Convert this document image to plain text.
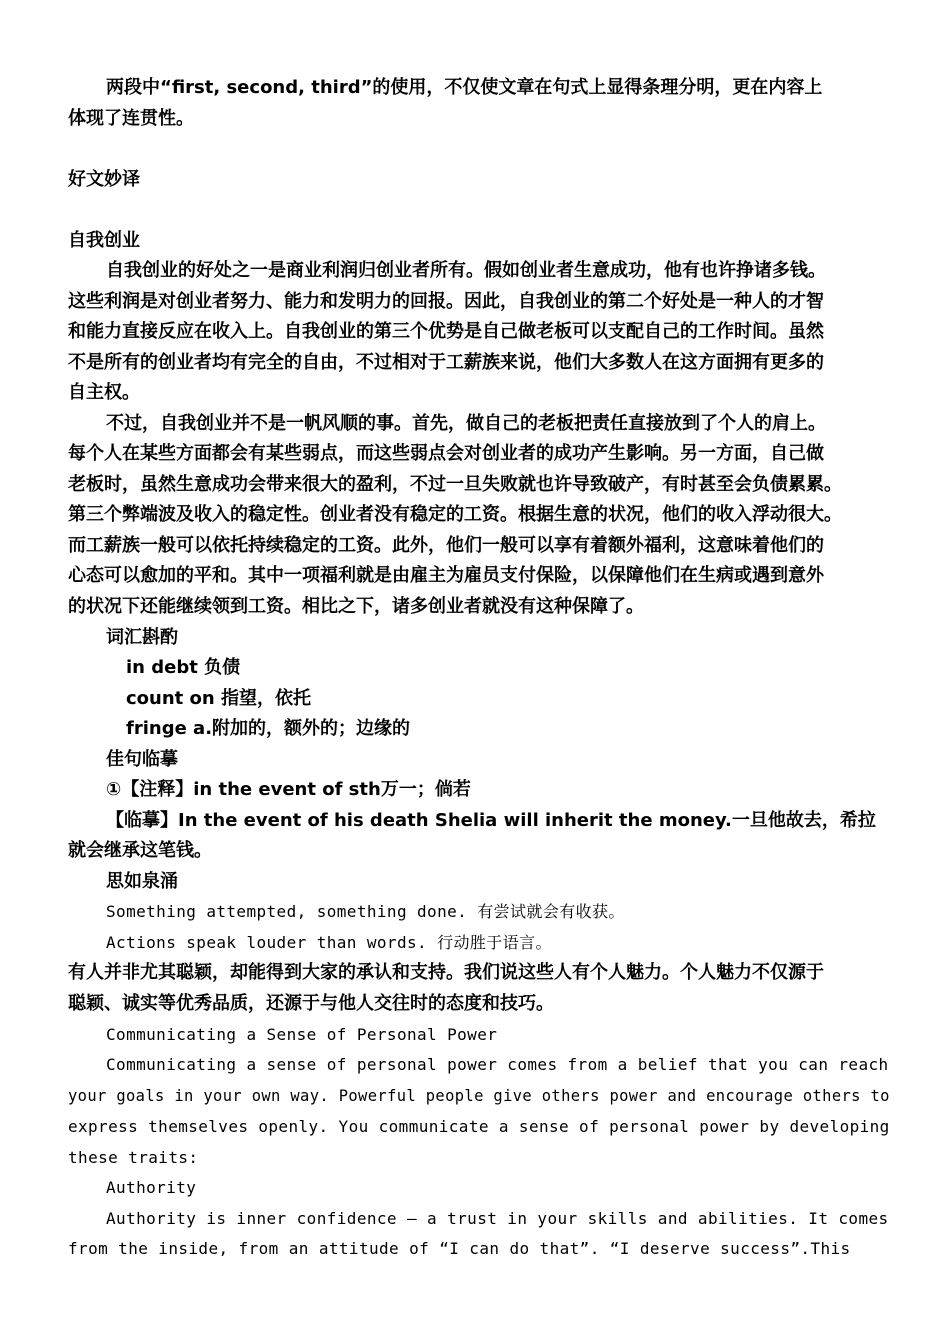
两段中“first, second, third”的使用，不仅使文章在句式上显得条理分明，更在内容上
体现了连贯性。
好文妙译
自我创业
自我创业的好处之一是商业利润归创业者所有。假如创业者生意成功，他有也许挣诸多钱。
这些利润是对创业者努力、能力和发明力的回报。因此，自我创业的第二个好处是一种人的才智
和能力直接反应在收入上。自我创业的第三个优势是自己做老板可以支配自己的工作时间。虽然
不是所有的创业者均有完全的自由，不过相对于工薪族来说，他们大多数人在这方面拥有更多的
自主权。
不过，自我创业并不是一帆风顺的事。首先，做自己的老板把责任直接放到了个人的肩上。
每个人在某些方面都会有某些弱点，而这些弱点会对创业者的成功产生影响。另一方面，自己做
老板时，虽然生意成功会带来很大的盈利，不过一旦失败就也许导致破产，有时甚至会负债累累。
第三个弊端波及收入的稳定性。创业者没有稳定的工资。根据生意的状况，他们的收入浮动很大。
而工薪族一般可以依托持续稳定的工资。此外，他们一般可以享有着额外福利，这意味着他们的
心态可以愈加的平和。其中一项福利就是由雇主为雇员支付保险，以保障他们在生病或遇到意外
的状况下还能继续领到工资。相比之下，诸多创业者就没有这种保障了。
词汇斟酌
in debt 负债
count on 指望，依托
fringe a.附加的，额外的；边缘的
佳句临摹
①【注释】in the event of sth万一；倘若
【临摹】In the event of his death Shelia will inherit the money.一旦他故去，希拉
就会继承这笔钱。
思如泉涌
Something attempted, something done. 有尝试就会有收获。
Actions speak louder than words. 行动胜于语言。
有人并非尤其聪颖，却能得到大家的承认和支持。我们说这些人有个人魅力。个人魅力不仅源于
聪颖、诚实等优秀品质，还源于与他人交往时的态度和技巧。
Communicating a Sense of Personal Power
Communicating a sense of personal power comes from a belief that you can reach
your goals in your own way. Powerful people give others power and encourage others to
express themselves openly. You communicate a sense of personal power by developing
these traits:
Authority
Authority is inner confidence — a trust in your skills and abilities. It comes
from the inside, from an attitude of “I can do that”. “I deserve success”.This
